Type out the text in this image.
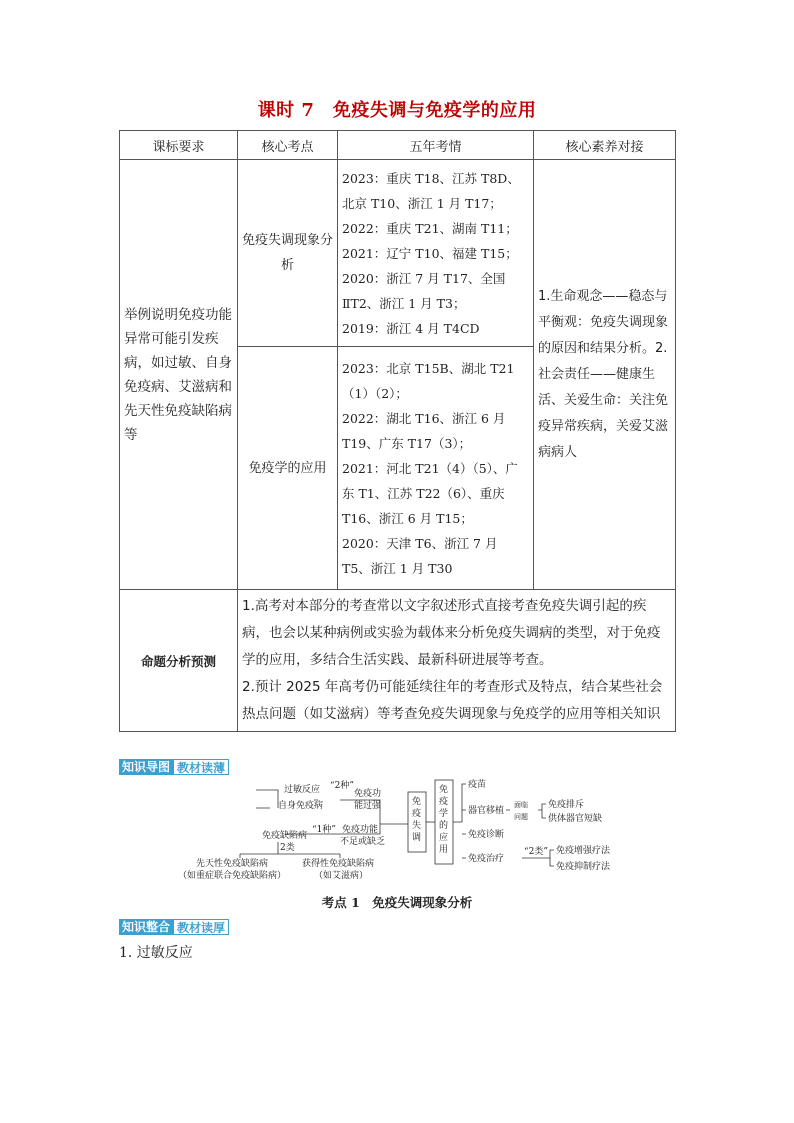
课时 7　免疫失调与免疫学的应用
课标要求	核心考点	五年考情	核心素养对接
举例说明免疫功能异常可能引发疾病，如过敏、自身免疫病、艾滋病和先天性免疫缺陷病等	免疫失调现象分析	2023：重庆 T18、江苏 T8D、北京 T10、浙江 1 月 T17；
2022：重庆 T21、湖南 T11；
2021：辽宁 T10、福建 T15；
2020：浙江 7 月 T17、全国ⅡT2、浙江 1 月 T3；
2019：浙江 4 月 T4CD	1.生命观念——稳态与平衡观：免疫失调现象的原因和结果分析。2.社会责任——健康生活、关爱生命：关注免疫异常疾病，关爱艾滋病病人
	免疫学的应用	2023：北京 T15B、湖北 T21（1）（2）；
2022：湖北 T16、浙江 6 月 T19、广东 T17（3）；
2021：河北 T21（4）（5）、广东 T1、江苏 T22（6）、重庆 T16、浙江 6 月 T15；
2020：天津 T6、浙江 7 月 T5、浙江 1 月 T30	

命题分析预测	1.高考对本部分的考查常以文字叙述形式直接考查免疫失调引起的疾病，也会以某种病例或实验为载体来分析免疫失调病的类型，对于免疫学的应用，多结合生活实践、最新科研进展等考查。
2.预计 2025 年高考仍可能延续往年的考查形式及特点，结合某些社会热点问题（如艾滋病）等考查免疫失调现象与免疫学的应用等相关知识		
知识导图 教材读薄
过敏反应
自身免疫病
“2种”
免疫功
能过强
免疫缺陷病
“1种” 免疫功能
不足或缺乏
2类
先天性免疫缺陷病
（如重症联合免疫缺陷病）
获得性免疫缺陷病
（如艾滋病）
免疫失调
免疫学的应用
疫苗
器官移植
面临
问题
免疫排斥
供体器官短缺
免疫诊断
免疫治疗
“2类” 免疫增强疗法
免疫抑制疗法
考点 1　免疫失调现象分析
知识整合 教材读厚
1. 过敏反应
